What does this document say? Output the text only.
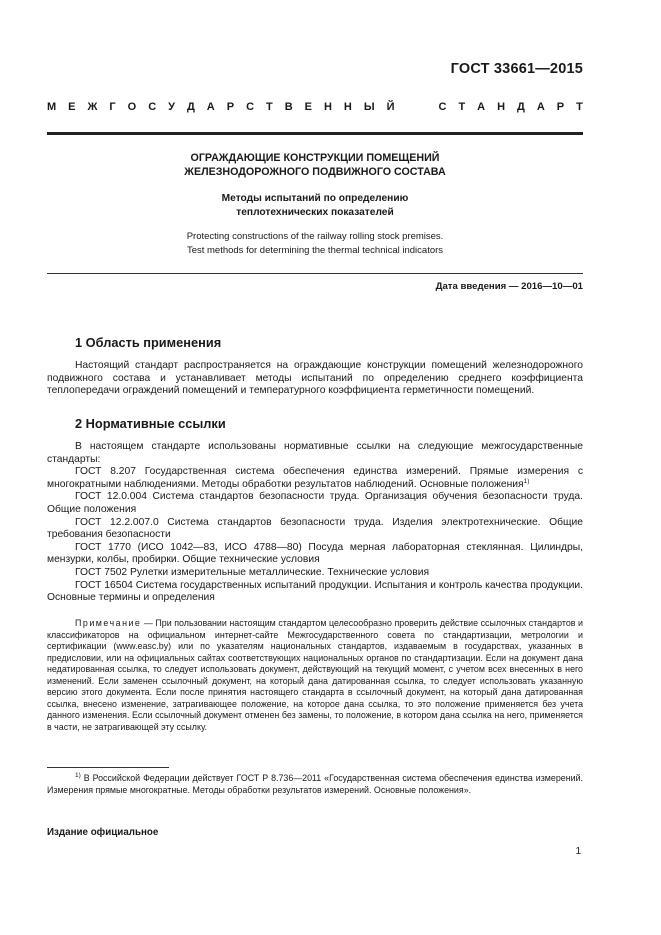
ГОСТ 33661—2015
М Е Ж Г О С У Д А Р С Т В Е Н Н Ы Й	С Т А Н Д А Р Т
ОГРАЖДАЮЩИЕ КОНСТРУКЦИИ ПОМЕЩЕНИЙ
ЖЕЛЕЗНОДОРОЖНОГО ПОДВИЖНОГО СОСТАВА
Методы испытаний по определению
теплотехнических показателей
Protecting constructions of the railway rolling stock premises.
Test methods for determining the thermal technical indicators
Дата введения — 2016—10—01
1 Область применения

Настоящий стандарт распространяется на ограждающие конструкции помещений железнодорожного подвижного состава и устанавливает методы испытаний по определению среднего коэффициента теплопередачи ограждений помещений и температурного коэффициента герметичности помещений.

2 Нормативные ссылки

В настоящем стандарте использованы нормативные ссылки на следующие межгосударственные стандарты:

ГОСТ 8.207 Государственная система обеспечения единства измерений. Прямые измерения с многократными наблюдениями. Методы обработки результатов наблюдений. Основные положения$^{1)}$

ГОСТ 12.0.004 Система стандартов безопасности труда. Организация обучения безопасности труда. Общие положения

ГОСТ 12.2.007.0 Система стандартов безопасности труда. Изделия электротехнические. Общие требования безопасности

ГОСТ 1770 (ИСО 1042—83, ИСО 4788—80) Посуда мерная лабораторная стеклянная. Цилиндры, мензурки, колбы, пробирки. Общие технические условия

ГОСТ 7502 Рулетки измерительные металлические. Технические условия

ГОСТ 16504 Система государственных испытаний продукции. Испытания и контроль качества продукции. Основные термины и определения

Примечание — При пользовании настоящим стандартом целесообразно проверить действие ссылочных стандартов и классификаторов на официальном интернет-сайте Межгосударственного совета по стандартизации, метрологии и сертификации (www.easc.by) или по указателям национальных стандартов, издаваемым в государствах, указанных в предисловии, или на официальных сайтах соответствующих национальных органов по стандартизации. Если на документ дана недатированная ссылка, то следует использовать документ, действующий на текущий момент, с учетом всех внесенных в него изменений. Если заменен ссылочный документ, на который дана датированная ссылка, то следует использовать указанную версию этого документа. Если после принятия настоящего стандарта в ссылочный документ, на который дана датированная ссылка, внесено изменение, затрагивающее положение, на которое дана ссылка, то это положение применяется без учета данного изменения. Если ссылочный документ отменен без замены, то положение, в котором дана ссылка на него, применяется в части, не затрагивающей эту ссылку.

$^{1)}$ В Российской Федерации действует ГОСТ Р 8.736—2011 «Государственная система обеспечения единства измерений. Измерения прямые многократные. Методы обработки результатов измерений. Основные положения».

Издание официальное
1
